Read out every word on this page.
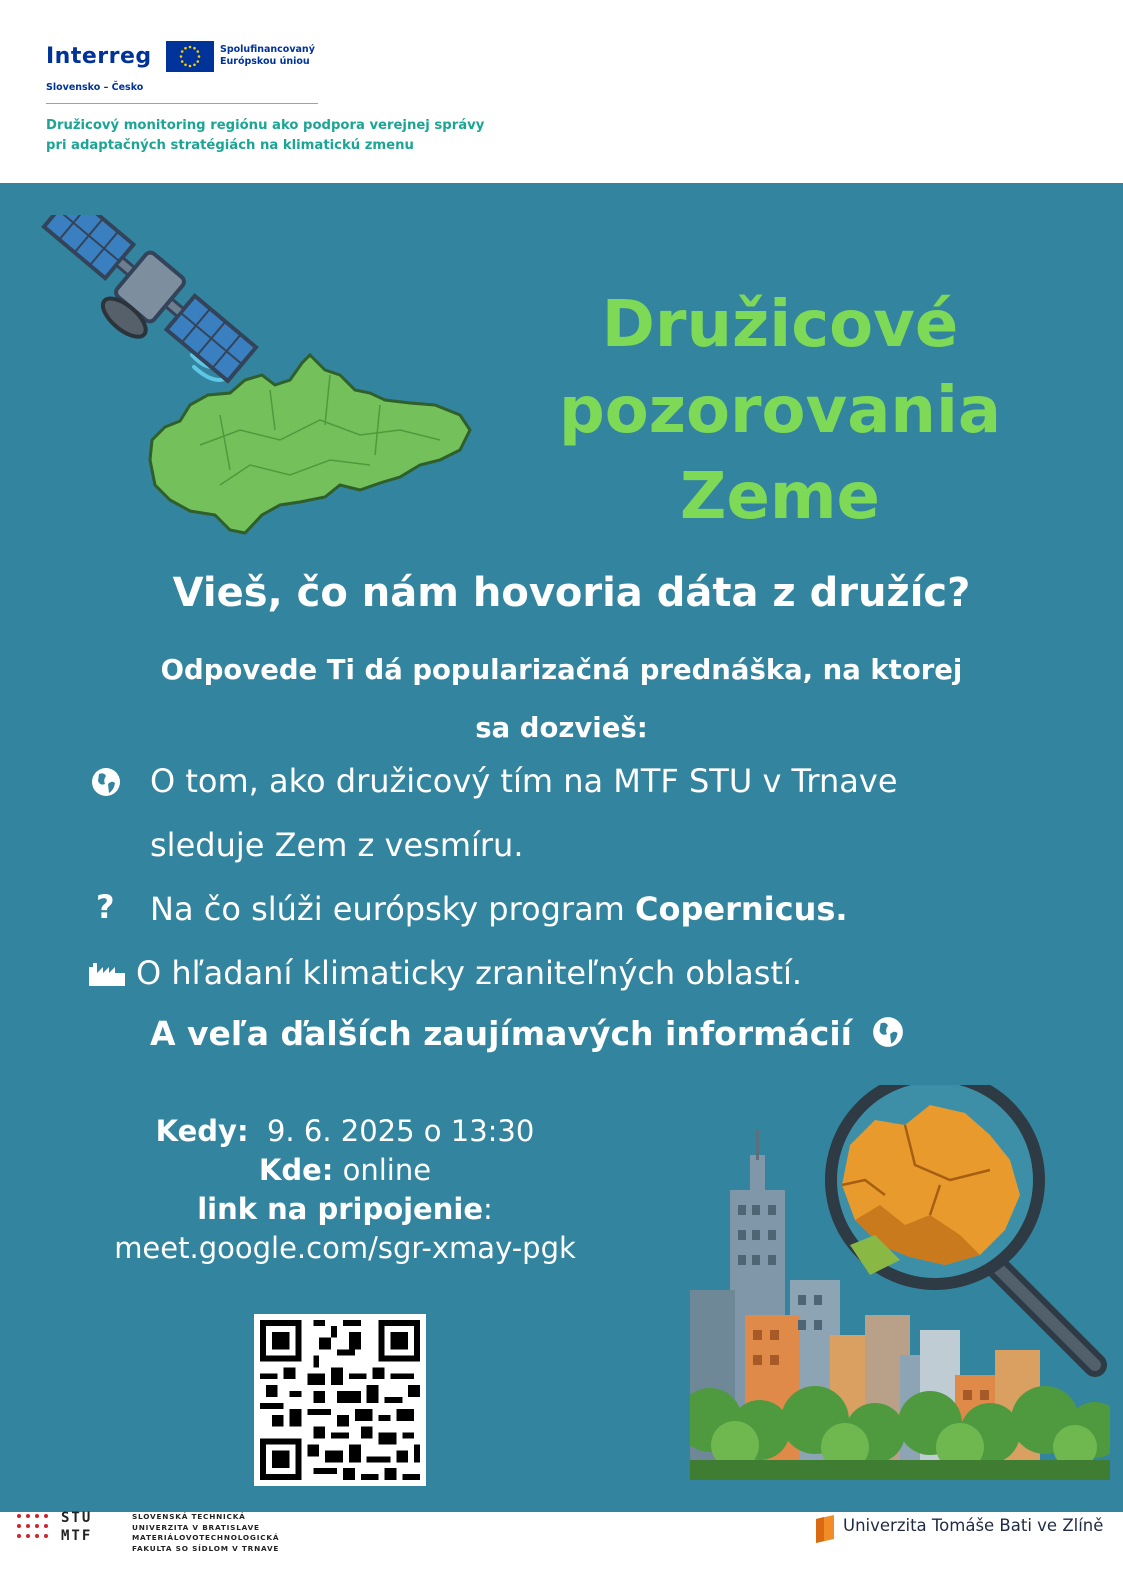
Interreg	Spolufinancovaný
Európskou úniou
Slovensko – Česko
Družicový monitoring regiónu ako podpora verejnej správy
pri adaptačných stratégiách na klimatickú zmenu
Družicové
pozorovania
Zeme
Vieš, čo nám hovoria dáta z družíc?
Odpovede Ti dá popularizačná prednáška, na ktorej
sa dozvieš:
O tom, ako družicový tím na MTF STU v Trnave
sleduje Zem z vesmíru.
? Na čo slúži európsky program Copernicus.
O hľadaní klimaticky zraniteľných oblastí.
A veľa ďalších zaujímavých informácií
Kedy: 9. 6. 2025 o 13:30
Kde: online
link na pripojenie:
meet.google.com/sgr-xmay-pgk
STU
MTF
SLOVENSKÁ TECHNICKÁ
UNIVERZITA V BRATISLAVE
MATERIÁLOVOTECHNOLOGICKÁ
FAKULTA SO SÍDLOM V TRNAVE
Univerzita Tomáše Bati ve Zlíně
